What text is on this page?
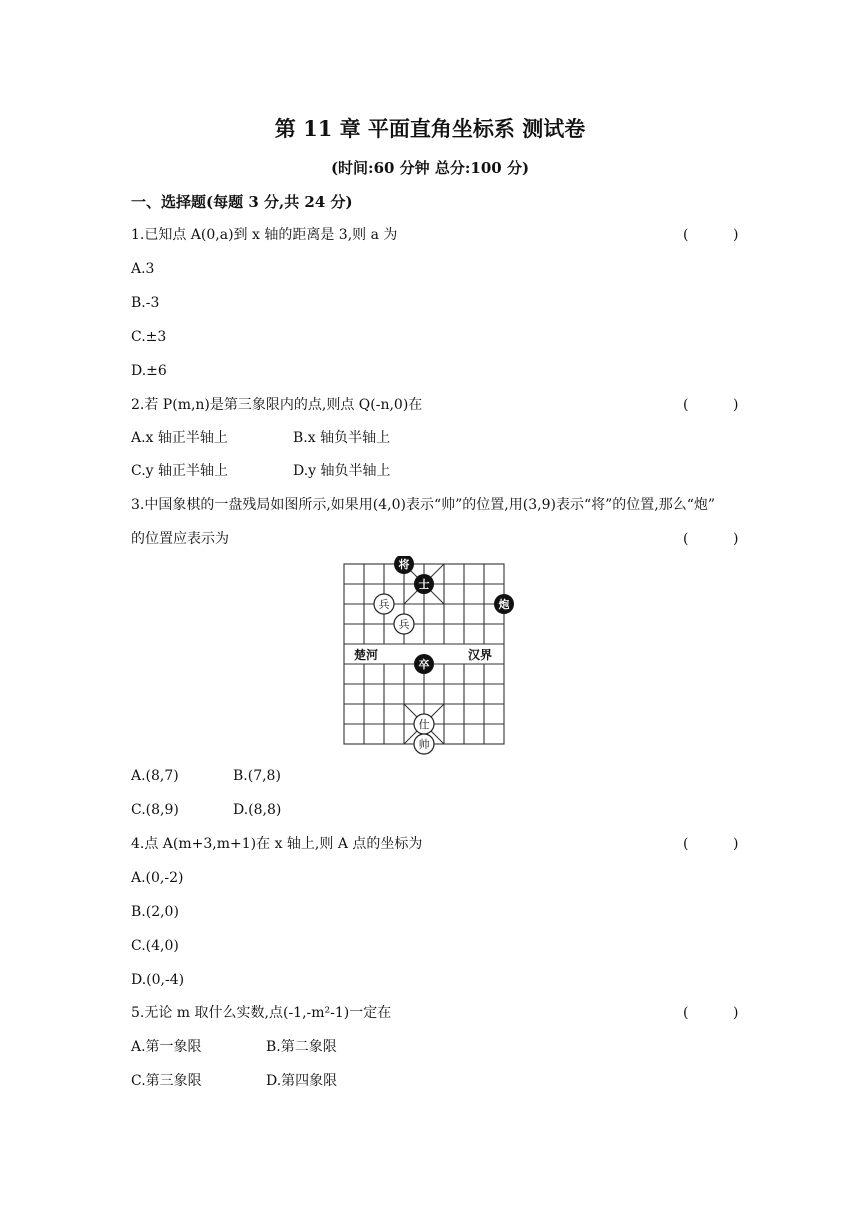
第 11 章 平面直角坐标系 测试卷
(时间:60 分钟 总分:100 分)
一、选择题(每题 3 分,共 24 分)
1.已知点 A(0,a)到 x 轴的距离是 3,则 a 为	(          )
A.3
B.-3
C.±3
D.±6
2.若 P(m,n)是第三象限内的点,则点 Q(-n,0)在	(          )
A.x 轴正半轴上	B.x 轴负半轴上
C.y 轴正半轴上	D.y 轴负半轴上
3.中国象棋的一盘残局如图所示,如果用(4,0)表示“帅”的位置,用(3,9)表示“将”的位置,那么“炮”
的位置应表示为	(          )
楚河	汉界
将
士
炮
卒
兵
兵
仕
帅
A.(8,7)	B.(7,8)
C.(8,9)	D.(8,8)
4.点 A(m+3,m+1)在 x 轴上,则 A 点的坐标为	(          )
A.(0,-2)
B.(2,0)
C.(4,0)
D.(0,-4)
5.无论 m 取什么实数,点(-1,-m²-1)一定在	(          )
A.第一象限	B.第二象限
C.第三象限	D.第四象限
